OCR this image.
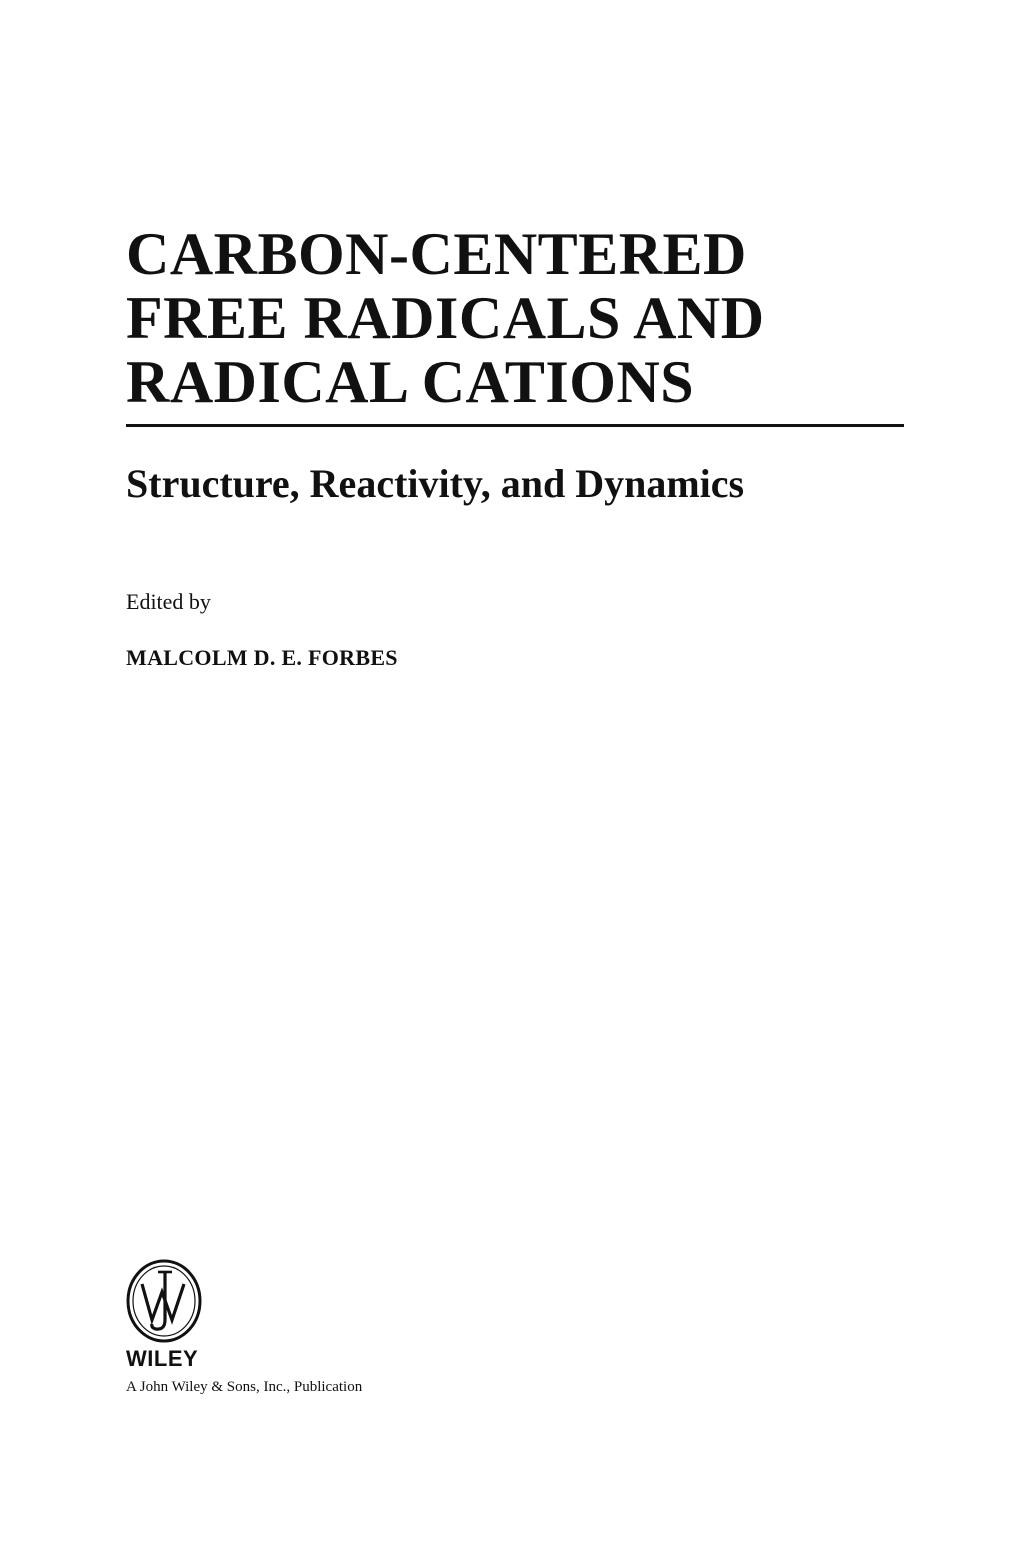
CARBON-CENTERED
FREE RADICALS AND
RADICAL CATIONS
Structure, Reactivity, and Dynamics
Edited by
MALCOLM D. E. FORBES
WILEY
A John Wiley & Sons, Inc., Publication
